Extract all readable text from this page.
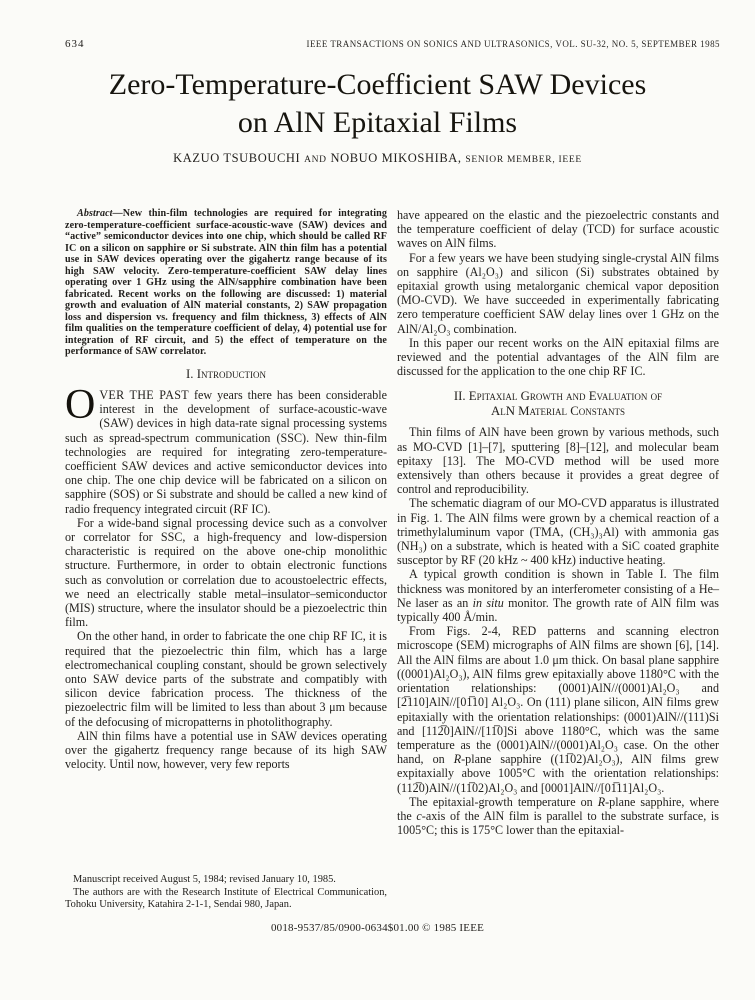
634	IEEE TRANSACTIONS ON SONICS AND ULTRASONICS, VOL. SU-32, NO. 5, SEPTEMBER 1985
Zero-Temperature-Coefficient SAW Devices
on AlN Epitaxial Films
KAZUO TSUBOUCHI AND NOBUO MIKOSHIBA, SENIOR MEMBER, IEEE

Abstract—New thin-film technologies are required for integrating zero-temperature-coefficient surface-acoustic-wave (SAW) devices and “active” semiconductor devices into one chip, which should be called RF IC on a silicon on sapphire or Si substrate. AlN thin film has a potential use in SAW devices operating over the gigahertz range because of its high SAW velocity. Zero-temperature-coefficient SAW delay lines operating over 1 GHz using the AlN/sapphire combination have been fabricated. Recent works on the following are discussed: 1) material growth and evaluation of AlN material constants, 2) SAW propagation loss and dispersion vs. frequency and film thickness, 3) effects of AlN film qualities on the temperature coefficient of delay, 4) potential use for integration of RF circuit, and 5) the effect of temperature on the performance of SAW correlator.

I. Introduction

OVER THE PAST few years there has been considerable interest in the development of surface-acoustic-wave (SAW) devices in high data-rate signal processing systems such as spread-spectrum communication (SSC). New thin-film technologies are required for integrating zero-temperature-coefficient SAW devices and active semiconductor devices into one chip. The one chip device will be fabricated on a silicon on sapphire (SOS) or Si substrate and should be called a new kind of radio frequency integrated circuit (RF IC).

For a wide-band signal processing device such as a convolver or correlator for SSC, a high-frequency and low-dispersion characteristic is required on the above one-chip monolithic structure. Furthermore, in order to obtain electronic functions such as convolution or correlation due to acoustoelectric effects, we need an electrically stable metal–insulator–semiconductor (MIS) structure, where the insulator should be a piezoelectric thin film.

On the other hand, in order to fabricate the one chip RF IC, it is required that the piezoelectric thin film, which has a large electromechanical coupling constant, should be grown selectively onto SAW device parts of the substrate and compatibly with silicon device fabrication process. The thickness of the piezoelectric film will be limited to less than about 3 μm because of the defocusing of micropatterns in photolithography.

AlN thin films have a potential use in SAW devices operating over the gigahertz frequency range because of its high SAW velocity. Until now, however, very few reports

Manuscript received August 5, 1984; revised January 10, 1985.

The authors are with the Research Institute of Electrical Communication, Tohoku University, Katahira 2-1-1, Sendai 980, Japan.

have appeared on the elastic and the piezoelectric constants and the temperature coefficient of delay (TCD) for surface acoustic waves on AlN films.

For a few years we have been studying single-crystal AlN films on sapphire (Al₂O₃) and silicon (Si) substrates obtained by epitaxial growth using metalorganic chemical vapor deposition (MO-CVD). We have succeeded in experimentally fabricating zero temperature coefficient SAW delay lines over 1 GHz on the AlN/Al₂O₃ combination.

In this paper our recent works on the AlN epitaxial films are reviewed and the potential advantages of the AlN film are discussed for the application to the one chip RF IC.

II. Epitaxial Growth and Evaluation of
AlN Material Constants

Thin films of AlN have been grown by various methods, such as MO-CVD [1]–[7], sputtering [8]–[12], and molecular beam epitaxy [13]. The MO-CVD method will be used more extensively than others because it provides a great degree of control and reproducibility.

The schematic diagram of our MO-CVD apparatus is illustrated in Fig. 1. The AlN films were grown by a chemical reaction of a trimethylaluminum vapor (TMA, (CH₃)₃Al) with ammonia gas (NH₃) on a substrate, which is heated with a SiC coated graphite susceptor by RF (20 kHz ~ 400 kHz) inductive heating.

A typical growth condition is shown in Table I. The film thickness was monitored by an interferometer consisting of a He–Ne laser as an in situ monitor. The growth rate of AlN film was typically 400 Å/min.

From Figs. 2-4, RED patterns and scanning electron microscope (SEM) micrographs of AlN films are shown [6], [14]. All the AlN films are about 1.0 μm thick. On basal plane sapphire ((0001)Al₂O₃), AlN films grew epitaxially above 1180°C with the orientation relationships: (0001)AlN//(0001)Al₂O₃ and [2̅110]AlN//[01̅10] Al₂O₃. On (111) plane silicon, AlN films grew epitaxially with the orientation relationships: (0001)AlN//(111)Si and [112̅0]AlN//[11̅0]Si above 1180°C, which was the same temperature as the (0001)AlN//(0001)Al₂O₃ case. On the other hand, on R-plane sapphire ((11̅02)Al₂O₃), AlN films grew expitaxially above 1005°C with the orientation relationships: (112̅0)AlN//(11̅02)Al₂O₃ and [0001]AlN//[01̅11]Al₂O₃.

The epitaxial-growth temperature on R-plane sapphire, where the c-axis of the AlN film is parallel to the substrate surface, is 1005°C; this is 175°C lower than the epitaxial-

0018-9537/85/0900-0634$01.00 © 1985 IEEE
